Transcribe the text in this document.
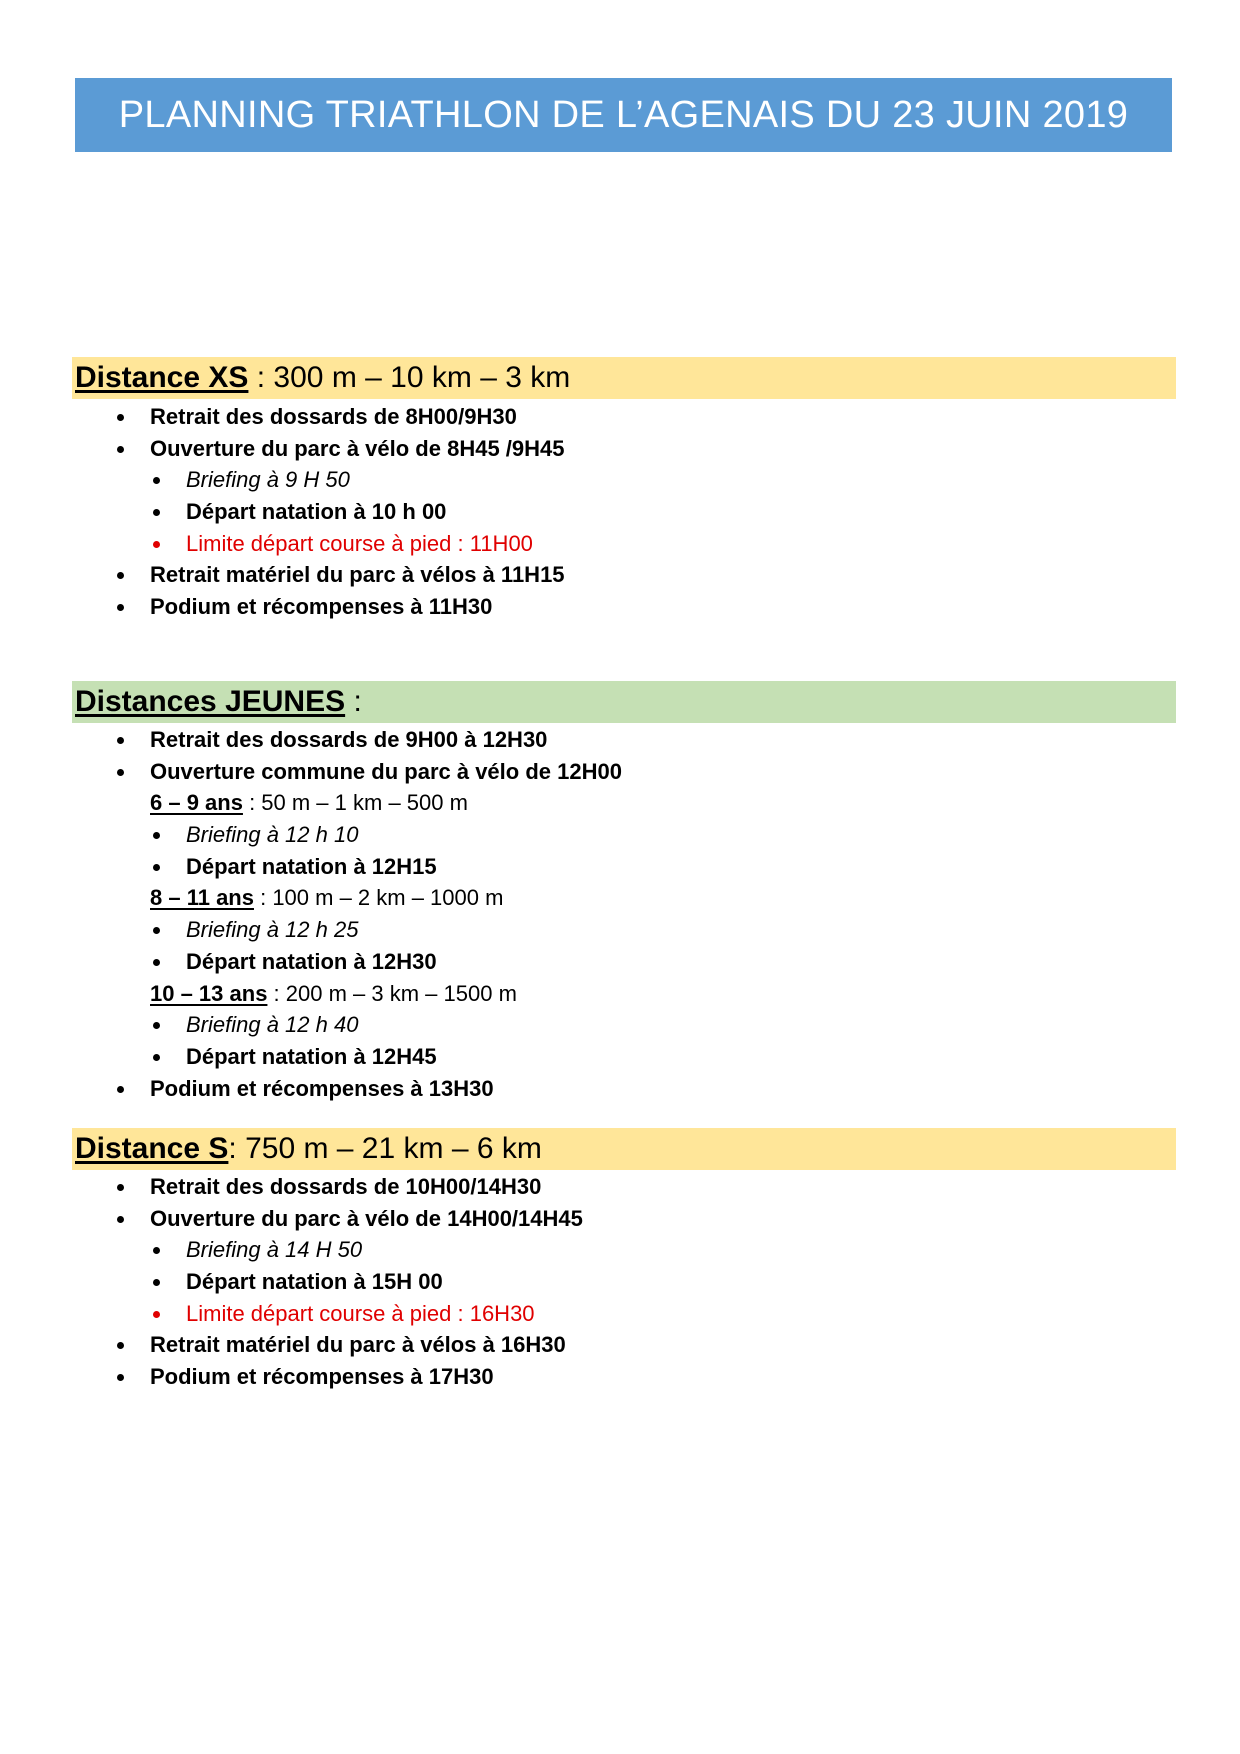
PLANNING TRIATHLON DE L’AGENAIS DU 23 JUIN 2019
Distance XS : 300 m – 10 km – 3 km
Retrait des dossards de 8H00/9H30
Ouverture du parc à vélo de 8H45 /9H45
Briefing à 9 H 50
Départ natation à 10 h 00
Limite départ course à pied : 11H00
Retrait matériel du parc à vélos à 11H15
Podium et récompenses à 11H30
Distances JEUNES :
Retrait des dossards de 9H00 à 12H30
Ouverture commune du parc à vélo de 12H00
6 – 9 ans : 50 m – 1 km – 500 m
Briefing à 12 h 10
Départ natation à 12H15
8 – 11 ans : 100 m – 2 km – 1000 m
Briefing à 12 h 25
Départ natation à 12H30
10 – 13 ans : 200 m – 3 km – 1500 m
Briefing à 12 h 40
Départ natation à 12H45
Podium et récompenses à 13H30
Distance S : 750 m – 21 km – 6 km
Retrait des dossards de 10H00/14H30
Ouverture du parc à vélo de 14H00/14H45
Briefing à 14 H 50
Départ natation à 15H 00
Limite départ course à pied : 16H30
Retrait matériel du parc à vélos à 16H30
Podium et récompenses à 17H30
